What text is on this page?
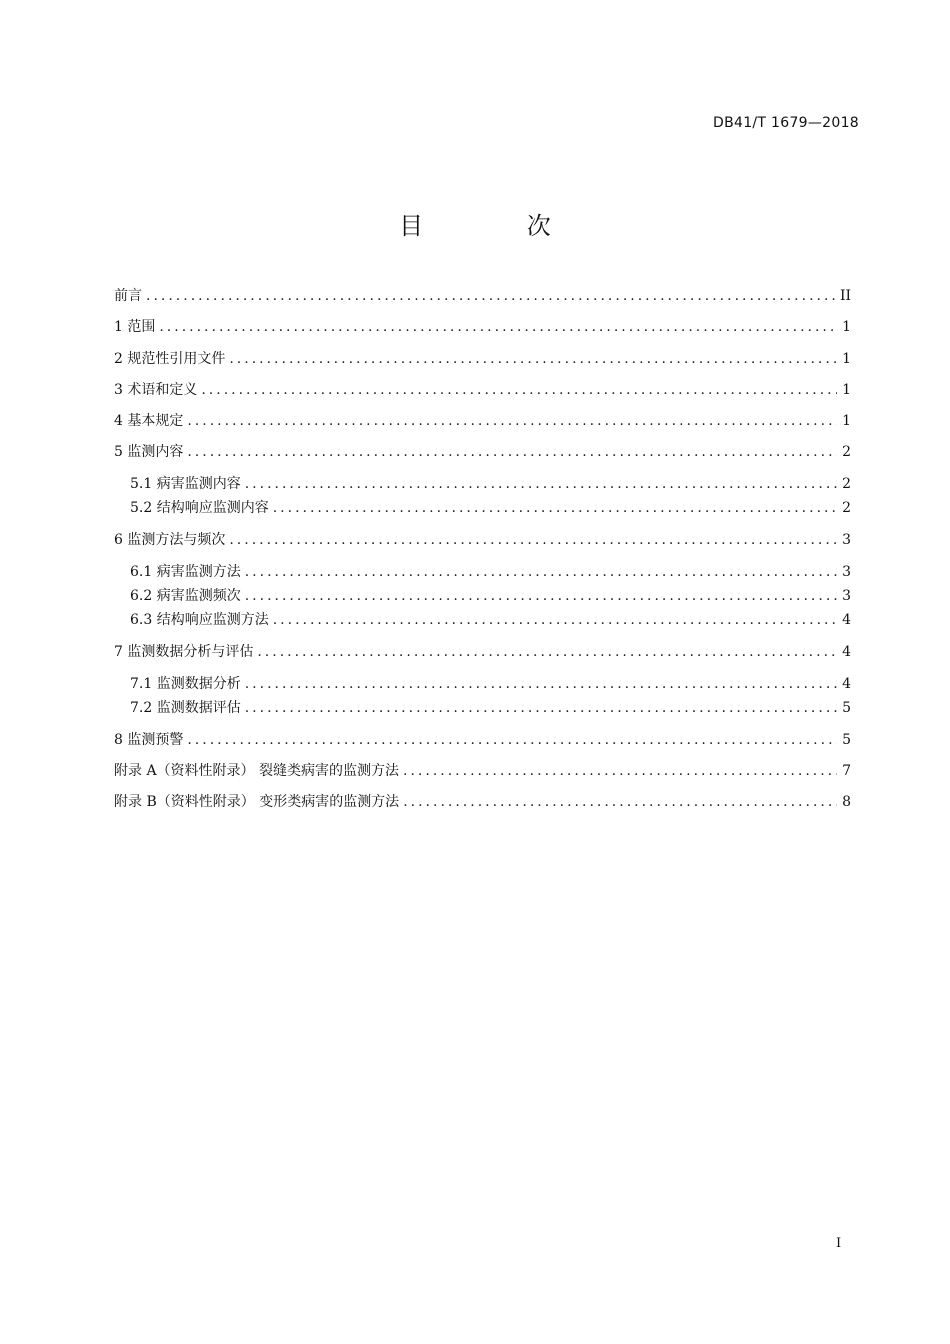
DB41/T 1679—2018
目 次
前言 .....	II
1 范围 .....	1
2 规范性引用文件 .....	1
3 术语和定义 .....	1
4 基本规定 .....	1
5 监测内容 .....	2
5.1 病害监测内容 .....	2
5.2 结构响应监测内容 .....	2
6 监测方法与频次 .....	3
6.1 病害监测方法 .....	3
6.2 病害监测频次 .....	3
6.3 结构响应监测方法 .....	4
7 监测数据分析与评估 .....	4
7.1 监测数据分析 .....	4
7.2 监测数据评估 .....	5
8 监测预警 .....	5
附录 A（资料性附录） 裂缝类病害的监测方法 .....	7
附录 B（资料性附录） 变形类病害的监测方法 .....	8
I
